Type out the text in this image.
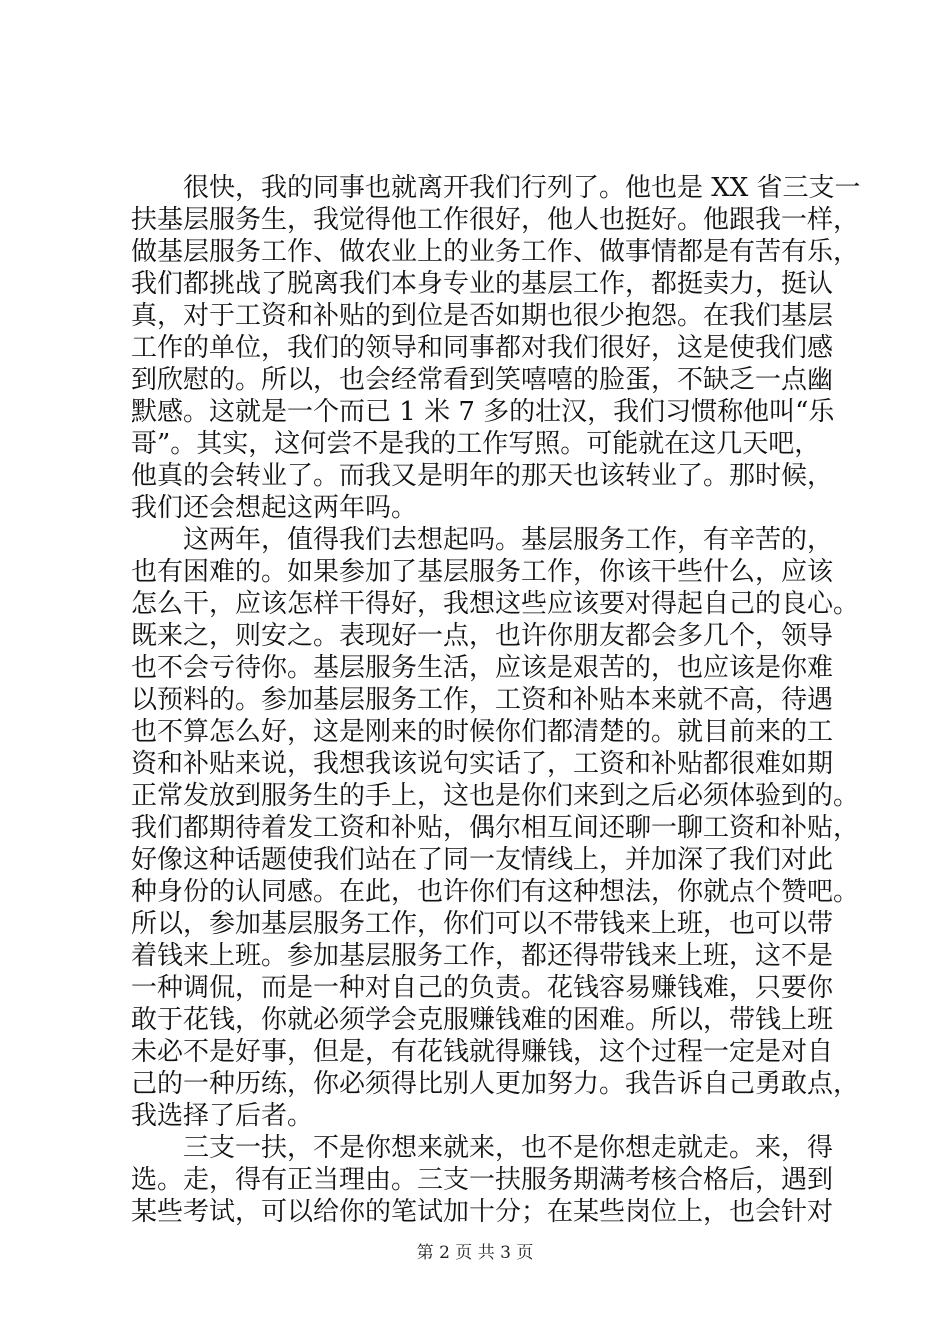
很快，我的同事也就离开我们行列了。他也是 XX 省三支一
扶基层服务生，我觉得他工作很好，他人也挺好。他跟我一样，
做基层服务工作、做农业上的业务工作、做事情都是有苦有乐，
我们都挑战了脱离我们本身专业的基层工作，都挺卖力，挺认
真，对于工资和补贴的到位是否如期也很少抱怨。在我们基层
工作的单位，我们的领导和同事都对我们很好，这是使我们感
到欣慰的。所以，也会经常看到笑嘻嘻的脸蛋，不缺乏一点幽
默感。这就是一个而已 1 米 7 多的壮汉，我们习惯称他叫“乐
哥”。其实，这何尝不是我的工作写照。可能就在这几天吧，
他真的会转业了。而我又是明年的那天也该转业了。那时候，
我们还会想起这两年吗。

这两年，值得我们去想起吗。基层服务工作，有辛苦的，
也有困难的。如果参加了基层服务工作，你该干些什么，应该
怎么干，应该怎样干得好，我想这些应该要对得起自己的良心。
既来之，则安之。表现好一点，也许你朋友都会多几个，领导
也不会亏待你。基层服务生活，应该是艰苦的，也应该是你难
以预料的。参加基层服务工作，工资和补贴本来就不高，待遇
也不算怎么好，这是刚来的时候你们都清楚的。就目前来的工
资和补贴来说，我想我该说句实话了，工资和补贴都很难如期
正常发放到服务生的手上，这也是你们来到之后必须体验到的。
我们都期待着发工资和补贴，偶尔相互间还聊一聊工资和补贴，
好像这种话题使我们站在了同一友情线上，并加深了我们对此
种身份的认同感。在此，也许你们有这种想法，你就点个赞吧。
所以，参加基层服务工作，你们可以不带钱来上班，也可以带
着钱来上班。参加基层服务工作，都还得带钱来上班，这不是
一种调侃，而是一种对自己的负责。花钱容易赚钱难，只要你
敢于花钱，你就必须学会克服赚钱难的困难。所以，带钱上班
未必不是好事，但是，有花钱就得赚钱，这个过程一定是对自
己的一种历练，你必须得比别人更加努力。我告诉自己勇敢点，
我选择了后者。

三支一扶，不是你想来就来，也不是你想走就走。来，得
选。走，得有正当理由。三支一扶服务期满考核合格后，遇到
某些考试，可以给你的笔试加十分；在某些岗位上，也会针对

第 2 页 共 3 页
